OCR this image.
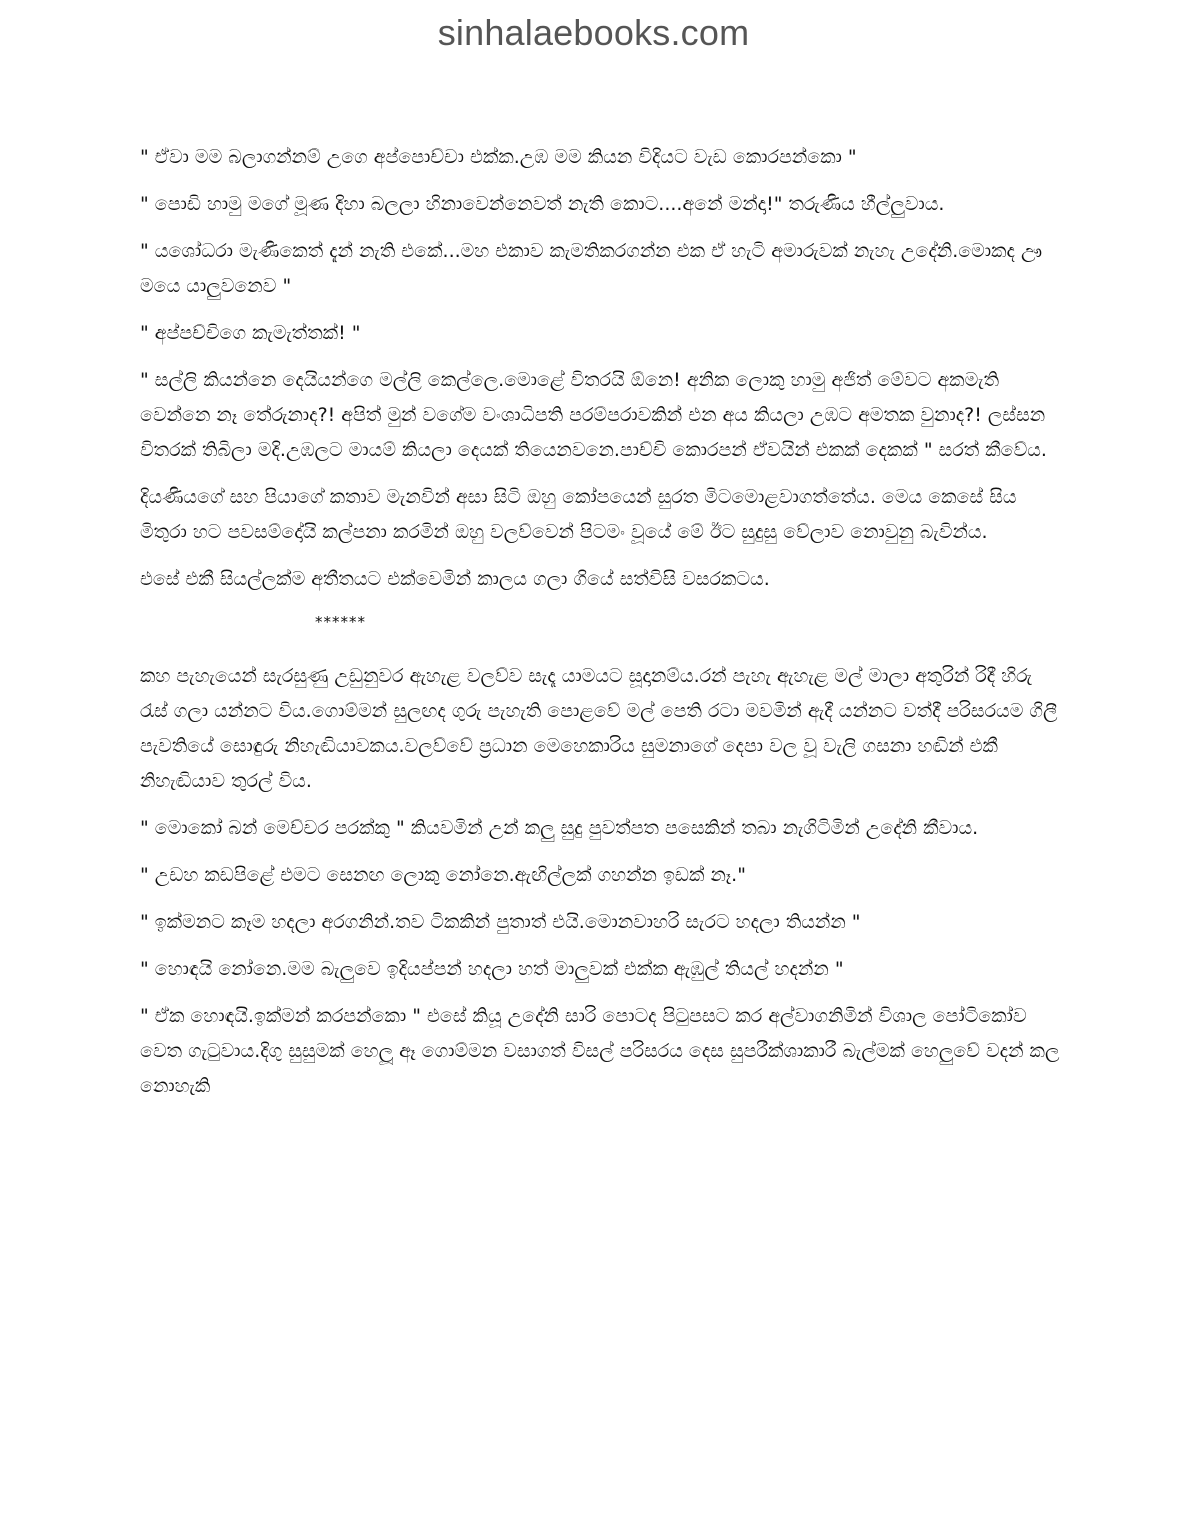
sinhalaebooks.com

" ඒවා මම බලාගන්නම් උගෙ අප්පොච්චා එක්ක.උඹ මම කියන විදියට වැඩ කොරපන්කො "

" පොඩි හාමු මගේ මූණ දිහා බලලා හිනාවෙන්නෙවත් නැති කොට....අනේ මන්දා!" තරුණිය හීල්ලුවාය.

" යශෝධරා මැණිකෙත් දැන් නැති එකේ...මහ එකාව කැමතිකරගන්න එක ඒ හැටි අමාරුවක් නැහැ උදේනි.මොකද ඌ මයෙ යාලුවනෙව "

" අප්පච්චිගෙ කැමැත්තක්! "

" සල්ලි කියන්නෙ දෙයියන්ගෙ මල්ලි කෙල්ලෙ.මොළේ විතරයි ඕනෙ! අනික ලොකු හාමු අජිත් මේවට අකමැති වෙන්නෙ නෑ තේරුනාද?! අපිත් මුන් වගේම වංශාධිපති පරම්පරාවකින් එන අය කියලා උඹට අමතක වුනාද?! ලස්සන විතරක් තිබිලා මදි.උඹලට මායම් කියලා දෙයක් තියෙනවනෙ.පාච්චි කොරපන් ඒවයින් එකක් දෙකක් " සරත් කීවේය.

දියණියගේ සහ පියාගේ කතාව මැනවින් අසා සිටි ඔහු කෝපයෙන් සුරත මිටමොළවාගත්තේය. මෙය කෙසේ සිය මිතුරා හට පවසම්දෝයි කල්පනා කරමින් ඔහු වලව්වෙන් පිටමං වූයේ මේ ඊට සුදුසු වේලාව නොවුනු බැවින්ය.

එසේ එකී සියල්ලක්ම අතීතයට එක්වෙමින් කාලය ගලා ගියේ සත්විසි වසරකටය.

******

කහ පැහැයෙන් සැරසුණු උඩුනුවර ඇහැළ වලව්ව සැදෑ යාමයට සූදානම්ය.රන් පැහැ ඇහැළ මල් මාලා අතුරින් රිදී හිරු රැස් ගලා යන්නට විය.ගොම්මන් සුලඟද ගුරු පැහැති පොළවේ මල් පෙති රටා මවමින් ඇදී යන්නට වත්දී පරිසරයම ගිලී පැවතියේ සොඳුරු නිහැඬියාවකය.වලව්වේ ප්‍රධාන මෙහෙකාරිය සුමනාගේ දෙපා වල වූ වැලි ගසනා හඬින් එකී නිහැඬියාව තුරල් විය.

" මොකෝ බන් මෙච්චර පරක්කු " කියවමින් උන් කලු සුදු පුවත්පත පසෙකින් තබා නැගිටිමින් උදේනි කීවාය.

" උඩහ කඩපිළේ එමට සෙනඟ ලොකු නෝනෙ.ඇඟිල්ලක් ගහන්න ඉඩක් නෑ."

" ඉක්මනට කෑම හදලා අරගනින්.තව ටිකකින් පුතාත් එයි.මොනවාහරි සැරට හදලා තියන්න "

" හොඳයි නෝනෙ.මම බැලුවෙ ඉදියප්පන් හදලා හත් මාලුවක් එක්ක ඇඹුල් තියල් හදන්න "

" ඒක හොඳයි.ඉක්මන් කරපන්කො " එසේ කියූ උදේනි සාරි පොටද පිටුපසට කර අල්වාගනිමින් විශාල පෝටිකෝව වෙත ගැටුවාය.දිගු සුසුමක් හෙලූ ඈ ගොම්මන වසාගත් විසල් පරිසරය දෙස සුපරීක්ශාකාරී බැල්මක් හෙලුවේ වදන් කල නොහැකි
